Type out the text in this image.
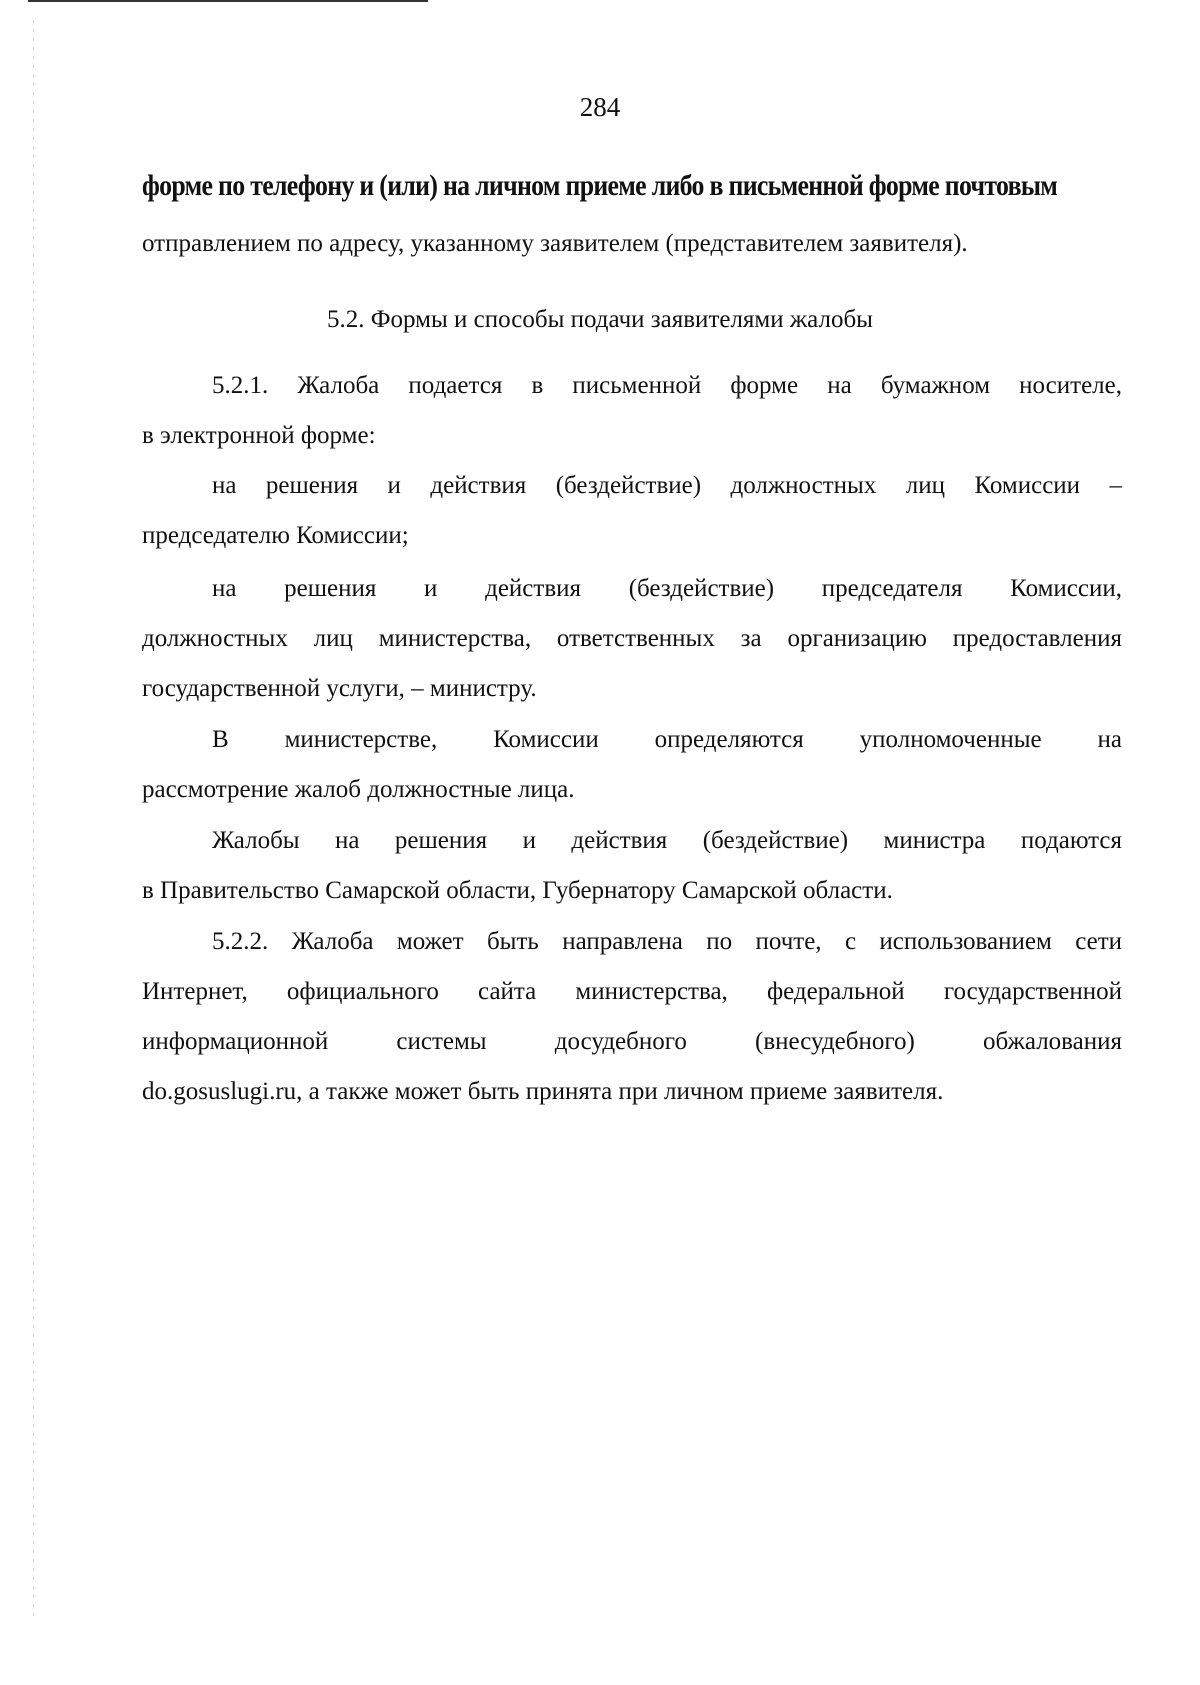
284
форме по телефону и (или) на личном приеме либо в письменной форме почтовым
отправлением по адресу, указанному заявителем (представителем заявителя).
5.2. Формы и способы подачи заявителями жалобы
5.2.1. Жалоба подается в письменной форме на бумажном носителе,
в электронной форме:
на решения и действия (бездействие) должностных лиц Комиссии –
председателю Комиссии;
на решения и действия (бездействие) председателя Комиссии,
должностных лиц министерства, ответственных за организацию предоставления
государственной услуги, – министру.
В министерстве, Комиссии определяются уполномоченные на
рассмотрение жалоб должностные лица.
Жалобы на решения и действия (бездействие) министра подаются
в Правительство Самарской области, Губернатору Самарской области.
5.2.2. Жалоба может быть направлена по почте, с использованием сети
Интернет, официального сайта министерства, федеральной государственной
информационной системы досудебного (внесудебного) обжалования
do.gosuslugi.ru, а также может быть принята при личном приеме заявителя.
